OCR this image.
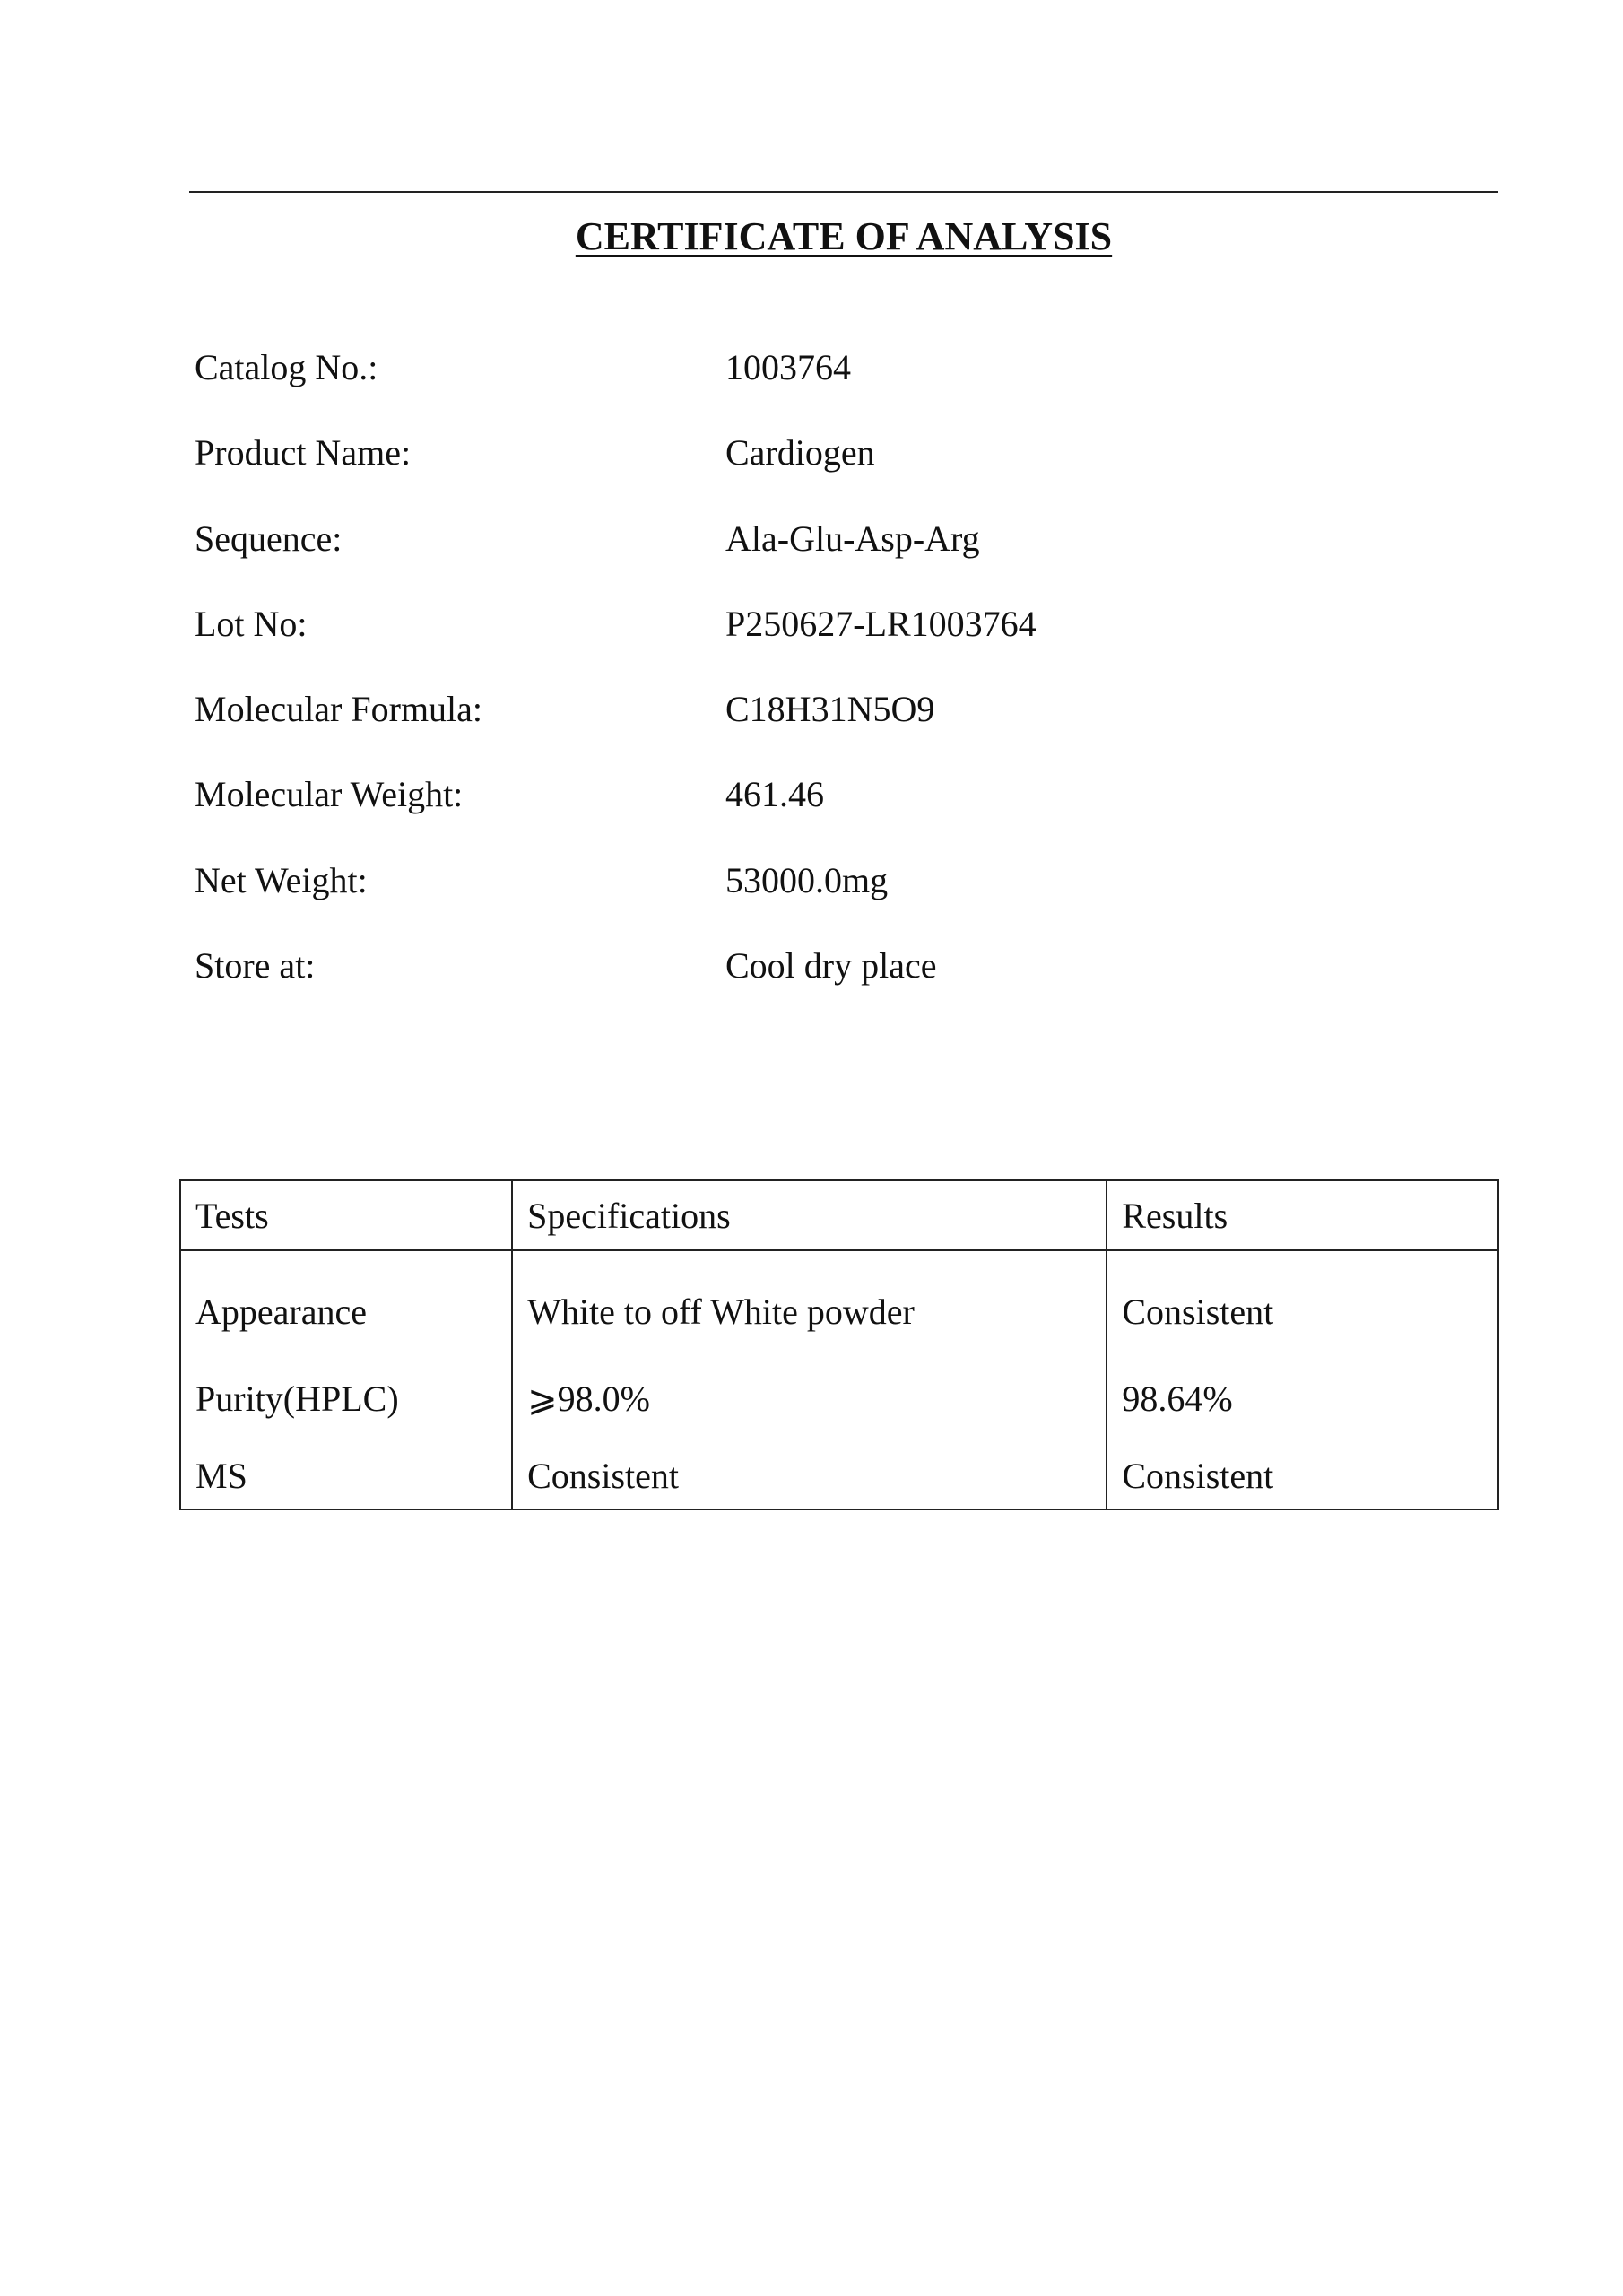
CERTIFICATE OF ANALYSIS
Catalog No.:	1003764
Product Name:	Cardiogen
Sequence:	Ala-Glu-Asp-Arg
Lot No:	P250627-LR1003764
Molecular Formula:	C18H31N5O9
Molecular Weight:	461.46
Net Weight:	53000.0mg
Store at:	Cool dry place
Tests	Specifications	Results
Appearance	White to off White powder	Consistent
Purity(HPLC)	⩾98.0%	98.64%
MS	Consistent	Consistent
